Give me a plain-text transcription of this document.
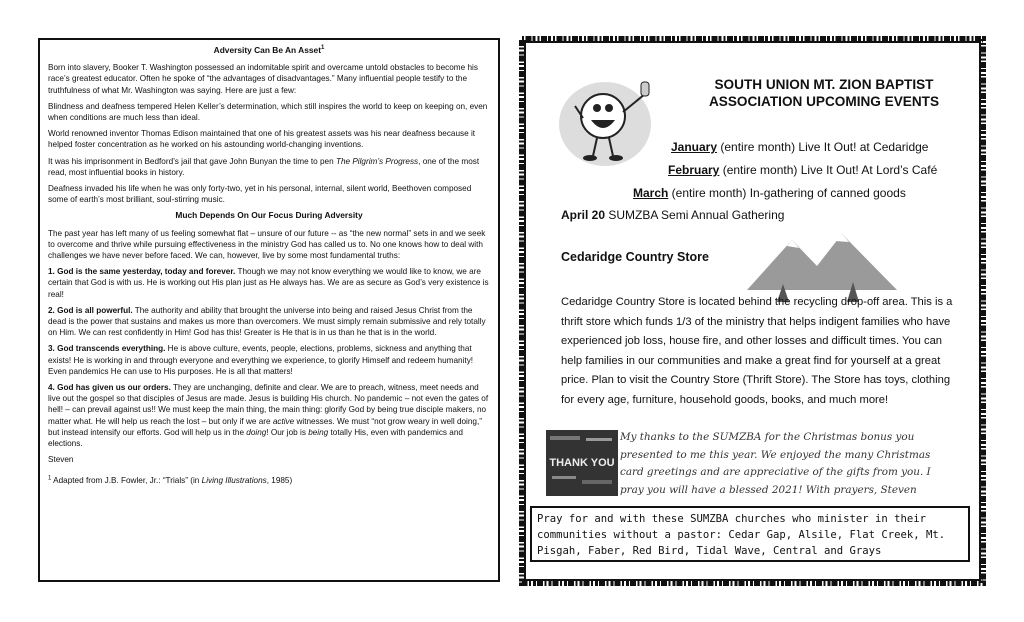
Adversity Can Be An Asset$^1$

Born into slavery, Booker T. Washington possessed an indomitable spirit and overcame untold obstacles to become his race’s greatest educator. Often he spoke of “the advantages of disadvantages.” Many influential people testify to the truthfulness of what Mr. Washington was saying. Here are just a few:

Blindness and deafness tempered Helen Keller’s determination, which still inspires the world to keep on keeping on, even when conditions are much less than ideal.

World renowned inventor Thomas Edison maintained that one of his greatest assets was his near deafness because it helped foster concentration as he worked on his astounding world-changing inventions.

It was his imprisonment in Bedford’s jail that gave John Bunyan the time to pen The Pilgrim’s Progress, one of the most read, most influential books in history.

Deafness invaded his life when he was only forty-two, yet in his personal, internal, silent world, Beethoven composed some of earth’s most brilliant, soul-stirring music.

Much Depends On Our Focus During Adversity

The past year has left many of us feeling somewhat flat – unsure of our future -- as “the new normal” sets in and we seek to overcome and thrive while pursuing effectiveness in the ministry God has called us to. No one knows how to deal with challenges we have never before faced. We can, however, live by some most fundamental truths:

1. God is the same yesterday, today and forever. Though we may not know everything we would like to know, we are certain that God is with us. He is working out His plan just as He always has. We are as secure as God’s very existence is real!

2. God is all powerful. The authority and ability that brought the universe into being and raised Jesus Christ from the dead is the power that sustains and makes us more than overcomers. We must simply remain submissive and rely totally on Him. We can rest confidently in Him! God has this! Greater is He that is in us than he that is in the world.

3. God transcends everything. He is above culture, events, people, elections, problems, sickness and anything that exists! He is working in and through everyone and everything we experience, to glorify Himself and redeem humanity! Even pandemics He can use to His purposes. He is all that matters!

4. God has given us our orders. They are unchanging, definite and clear. We are to preach, witness, meet needs and live out the gospel so that disciples of Jesus are made. Jesus is building His church. No pandemic – not even the gates of hell! – can prevail against us!! We must keep the main thing, the main thing: glorify God by being true disciple makers, no matter what. He will help us reach the lost – but only if we are active witnesses. We must “not grow weary in well doing,” but instead intensify our efforts. God will help us in the doing! Our job is being totally His, even with pandemics and elections.

Steven

$^1$ Adapted from J.B. Fowler, Jr.: “Trials” (in Living Illustrations, 1985)

SOUTH UNION MT. ZION BAPTIST
ASSOCIATION UPCOMING EVENTS
January (entire month) Live It Out! at Cedaridge
February (entire month) Live It Out! At Lord’s Café
March (entire month) In-gathering of canned goods
April 20 SUMZBA Semi Annual Gathering
Cedaridge Country Store
Cedaridge Country Store is located behind the recycling drop-off area. This is a thrift store which funds 1/3 of the ministry that helps indigent families who have experienced job loss, house fire, and other losses and difficult times. You can help families in our communities and make a great find for yourself at a great price. Plan to visit the Country Store (Thrift Store). The Store has toys, clothing for every age, furniture, household goods, books, and much more!
THANK YOU
My thanks to the SUMZBA for the Christmas bonus you presented to me this year. We enjoyed the many Christmas card greetings and are appreciative of the gifts from you. I pray you will have a blessed 2021! With prayers, Steven
Pray for and with these SUMZBA churches who minister in their communities without a pastor: Cedar Gap, Alsile, Flat Creek, Mt. Pisgah, Faber, Red Bird, Tidal Wave, Central and Grays
